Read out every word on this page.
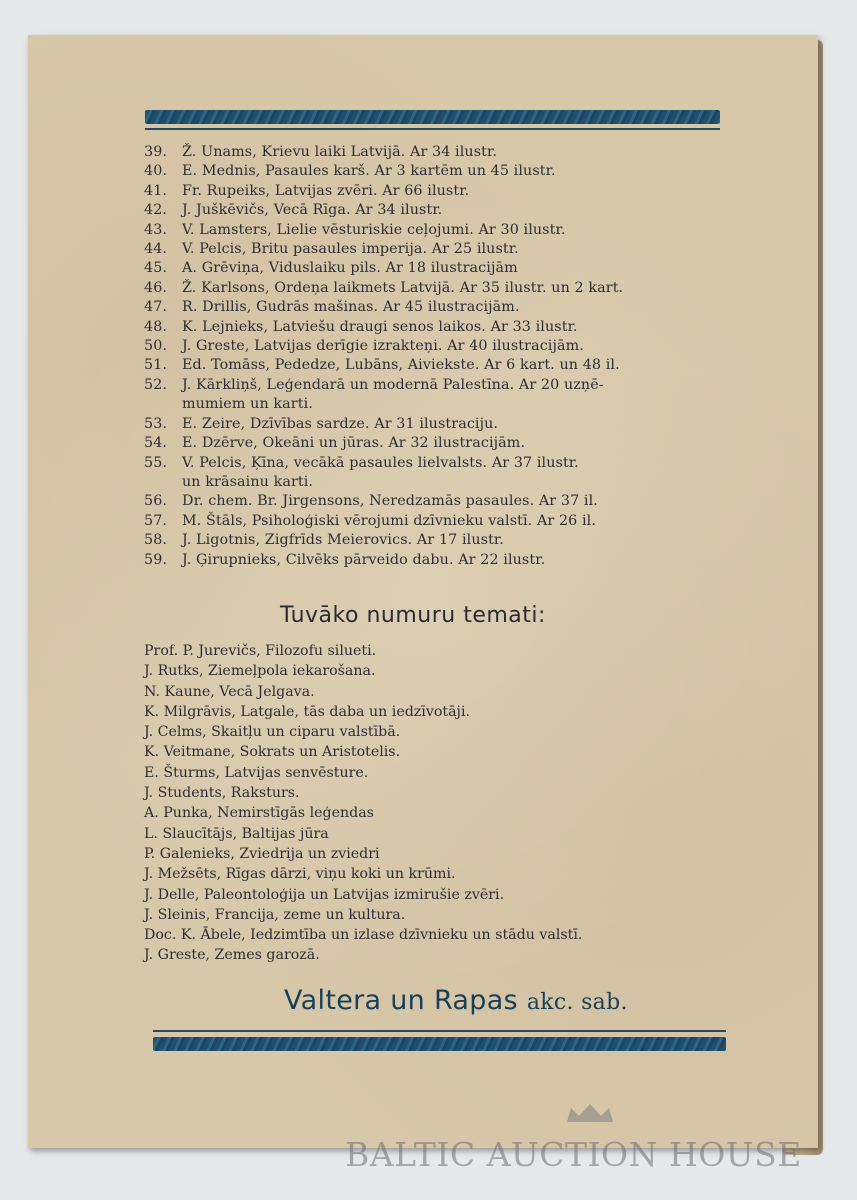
39. Ž. Unams, Krievu laiki Latvijā. Ar 34 ilustr.
40. E. Mednis, Pasaules karš. Ar 3 kartēm un 45 ilustr.
41. Fr. Rupeiks, Latvijas zvēri. Ar 66 ilustr.
42. J. Juškēvičs, Vecā Rīga. Ar 34 ilustr.
43. V. Lamsters, Lielie vēsturiskie ceļojumi. Ar 30 ilustr.
44. V. Pelcis, Britu pasaules imperija. Ar 25 ilustr.
45. A. Grēviņa, Viduslaiku pils. Ar 18 ilustracijām
46. Ž. Karlsons, Ordeņa laikmets Latvijā. Ar 35 ilustr. un 2 kart.
47. R. Drillis, Gudrās mašinas. Ar 45 ilustracijām.
48. K. Lejnieks, Latviešu draugi senos laikos. Ar 33 ilustr.
50. J. Greste, Latvijas derīgie izrakteņi. Ar 40 ilustracijām.
51. Ed. Tomāss, Pededze, Lubāns, Aiviekste. Ar 6 kart. un 48 il.
52. J. Kārkliņš, Leģendarā un modernā Palestīna. Ar 20 uzņē-
mumiem un karti.
53. E. Zeire, Dzīvības sardze. Ar 31 ilustraciju.
54. E. Dzērve, Okeāni un jūras. Ar 32 ilustracijām.
55. V. Pelcis, Ķīna, vecākā pasaules lielvalsts. Ar 37 ilustr.
un krāsainu karti.
56. Dr. chem. Br. Jirgensons, Neredzamās pasaules. Ar 37 il.
57. M. Štāls, Psiholoģiski vērojumi dzīvnieku valstī. Ar 26 il.
58. J. Ligotnis, Zigfrīds Meierovics. Ar 17 ilustr.
59. J. Ģirupnieks, Cilvēks pārveido dabu. Ar 22 ilustr.
Tuvāko numuru temati:
Prof. P. Jurevičs, Filozofu silueti.
J. Rutks, Ziemeļpola iekarošana.
N. Kaune, Vecā Jelgava.
K. Milgrāvis, Latgale, tās daba un iedzīvotāji.
J. Celms, Skaitļu un ciparu valstībā.
K. Veitmane, Sokrats un Aristotelis.
E. Šturms, Latvijas senvēsture.
J. Students, Raksturs.
A. Punka, Nemirstīgās leģendas
L. Slaucītājs, Baltijas jūra
P. Galenieks, Zviedrija un zviedri
J. Mežsēts, Rīgas dārzi, viņu koki un krūmi.
J. Delle, Paleontoloģija un Latvijas izmirušie zvēri.
J. Sleinis, Francija, zeme un kultura.
Doc. K. Ābele, Iedzimtība un izlase dzīvnieku un stādu valstī.
J. Greste, Zemes garozā.
Valtera un Rapas akc. sab.
BALTIC AUCTION HOUSE
